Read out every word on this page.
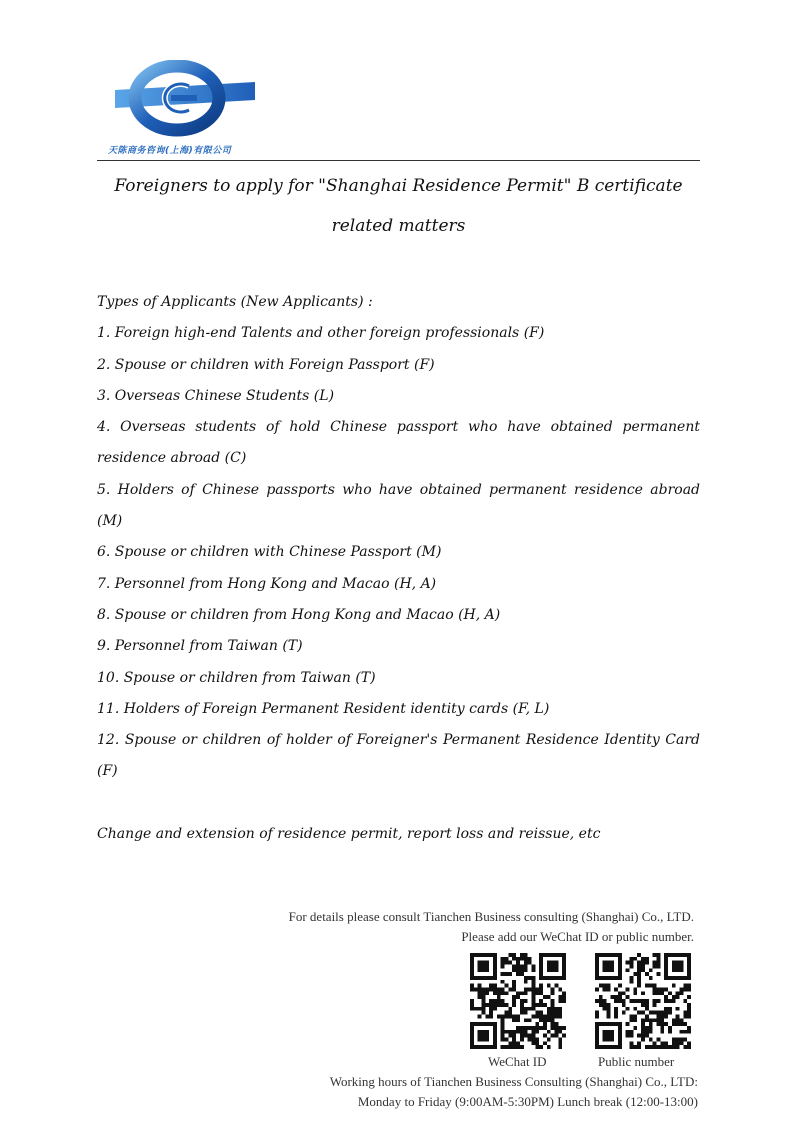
天陈商务咨询(上海)有限公司
Foreigners to apply for "Shanghai Residence Permit" B certificate
related matters

Types of Applicants (New Applicants) :

1. Foreign high-end Talents and other foreign professionals (F)

2. Spouse or children with Foreign Passport (F)

3. Overseas Chinese Students (L)

4. Overseas students of hold Chinese passport who have obtained permanent residence abroad (C)

5. Holders of Chinese passports who have obtained permanent residence abroad (M)

6. Spouse or children with Chinese Passport (M)

7. Personnel from Hong Kong and Macao (H, A)

8. Spouse or children from Hong Kong and Macao (H, A)

9. Personnel from Taiwan (T)

10. Spouse or children from Taiwan (T)

11. Holders of Foreign Permanent Resident identity cards (F, L)

12. Spouse or children of holder of Foreigner's Permanent Residence Identity Card (F)

Change and extension of residence permit, report loss and reissue, etc

For details please consult Tianchen Business consulting (Shanghai) Co., LTD.
Please add our WeChat ID or public number.
WeChat ID	Public number
Working hours of Tianchen Business Consulting (Shanghai) Co., LTD:
Monday to Friday (9:00AM-5:30PM) Lunch break (12:00-13:00)
